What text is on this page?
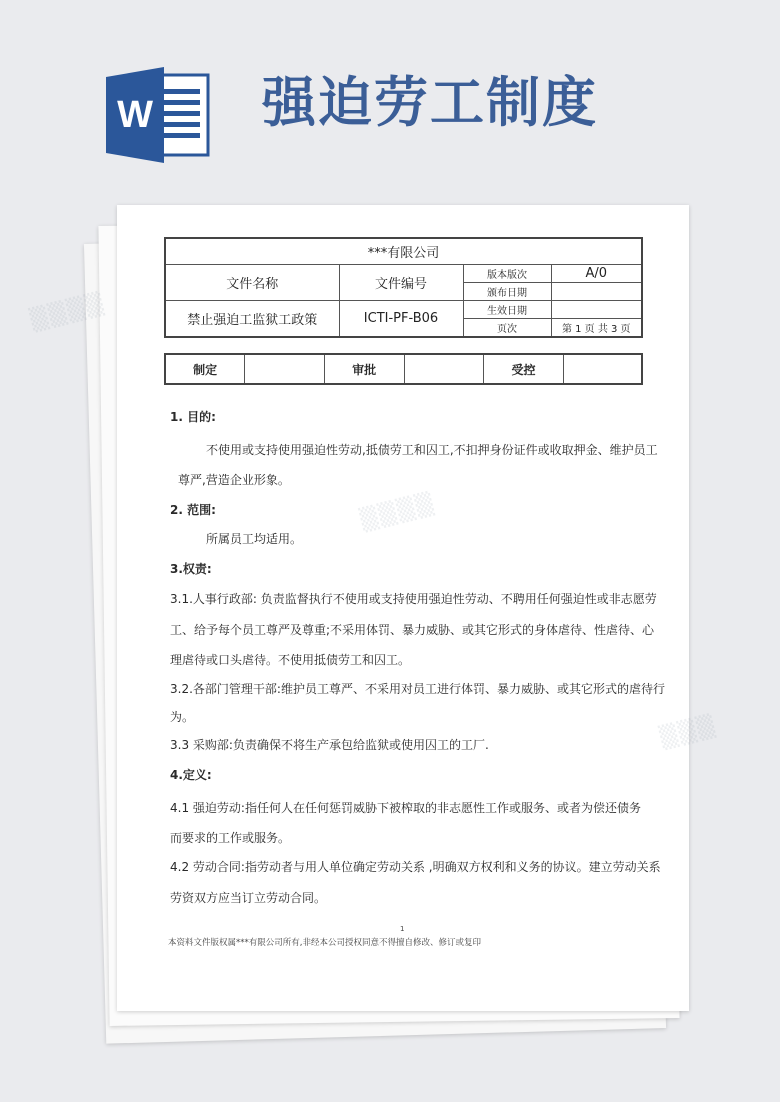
W 强迫劳工制度
***有限公司			
文件名称	文件编号	版本版次	A/0
		颁布日期	
禁止强迫工监狱工政策	ICTI-PF-B06	生效日期	
		页次	第 1 页 共 3 页
制定		审批		受控	
1. 目的:
不使用或支持使用强迫性劳动,抵债劳工和囚工,不扣押身份证件或收取押金、维护员工
尊严,营造企业形象。
2. 范围:
所属员工均适用。
3.权责:
3.1.人事行政部: 负责监督执行不使用或支持使用强迫性劳动、不聘用任何强迫性或非志愿劳
工、给予每个员工尊严及尊重;不采用体罚、暴力威胁、或其它形式的身体虐待、性虐待、心
理虐待或口头虐待。不使用抵债劳工和囚工。
3.2.各部门管理干部:维护员工尊严、不采用对员工进行体罚、暴力威胁、或其它形式的虐待行
为。
3.3 采购部:负责确保不将生产承包给监狱或使用囚工的工厂.
4.定义:
4.1 强迫劳动:指任何人在任何惩罚威胁下被榨取的非志愿性工作或服务、或者为偿还债务
而要求的工作或服务。
4.2 劳动合同:指劳动者与用人单位确定劳动关系 ,明确双方权利和义务的协议。建立劳动关系
劳资双方应当订立劳动合同。
1
本资料文件版权属***有限公司所有,非经本公司授权同意不得擅自修改、修订或复印
▒▒▒▒
▒▒▒▒
▒▒▒
